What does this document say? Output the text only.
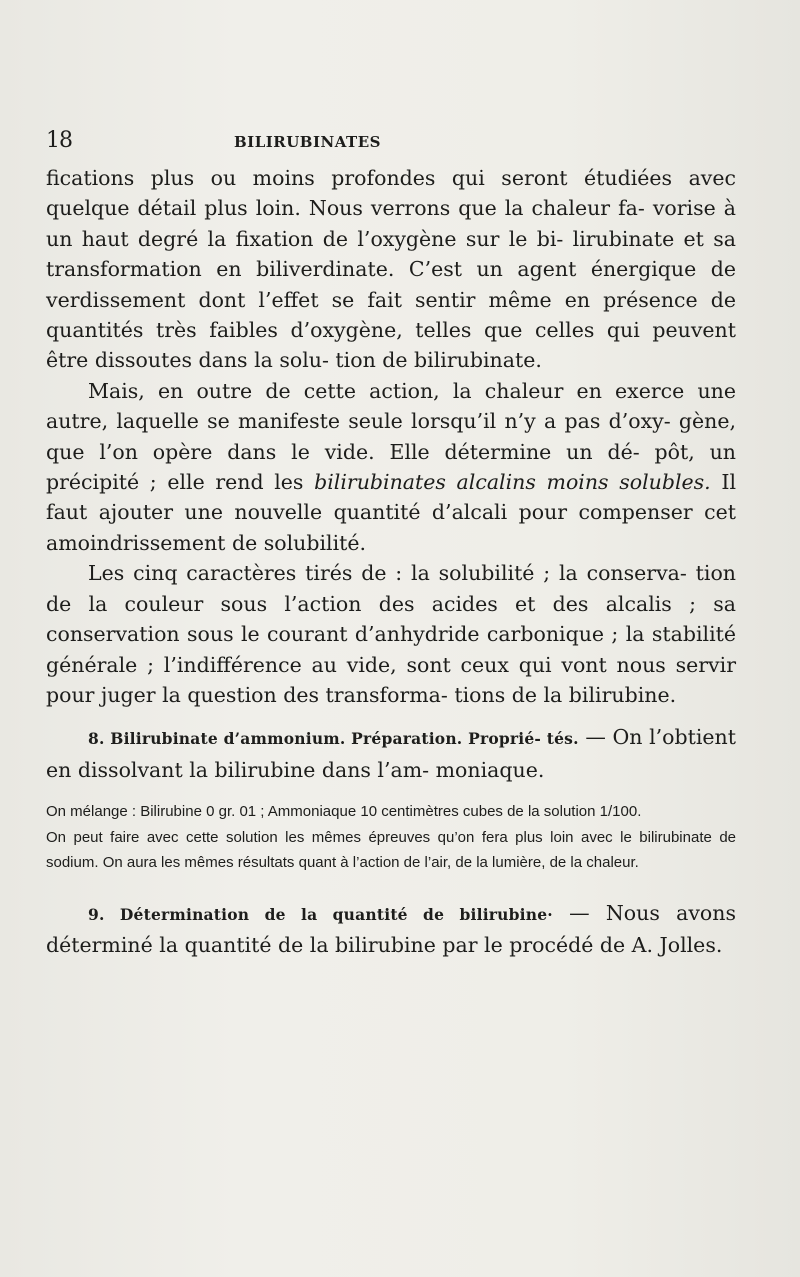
18	BILIRUBINATES

fications plus ou moins profondes qui seront étudiées avec quelque détail plus loin. Nous verrons que la chaleur fa- vorise à un haut degré la fixation de l’oxygène sur le bi- lirubinate et sa transformation en biliverdinate. C’est un agent énergique de verdissement dont l’effet se fait sentir même en présence de quantités très faibles d’oxygène, telles que celles qui peuvent être dissoutes dans la solu- tion de bilirubinate.

Mais, en outre de cette action, la chaleur en exerce une autre, laquelle se manifeste seule lorsqu’il n’y a pas d’oxy- gène, que l’on opère dans le vide. Elle détermine un dé- pôt, un précipité ; elle rend les bilirubinates alcalins moins solubles. Il faut ajouter une nouvelle quantité d’alcali pour compenser cet amoindrissement de solubilité.

Les cinq caractères tirés de : la solubilité ; la conserva- tion de la couleur sous l’action des acides et des alcalis ; sa conservation sous le courant d’anhydride carbonique ; la stabilité générale ; l’indifférence au vide, sont ceux qui vont nous servir pour juger la question des transforma- tions de la bilirubine.

8. Bilirubinate d’ammonium. Préparation. Proprié- tés. — On l’obtient en dissolvant la bilirubine dans l’am- moniaque.

On mélange : Bilirubine 0 gr. 01 ; Ammoniaque 10 centimètres cubes de la solution 1/100.

On peut faire avec cette solution les mêmes épreuves qu’on fera plus loin avec le bilirubinate de sodium. On aura les mêmes résultats quant à l’action de l’air, de la lumière, de la chaleur.

9. Détermination de la quantité de bilirubine· — Nous avons déterminé la quantité de la bilirubine par le procédé de A. Jolles.
